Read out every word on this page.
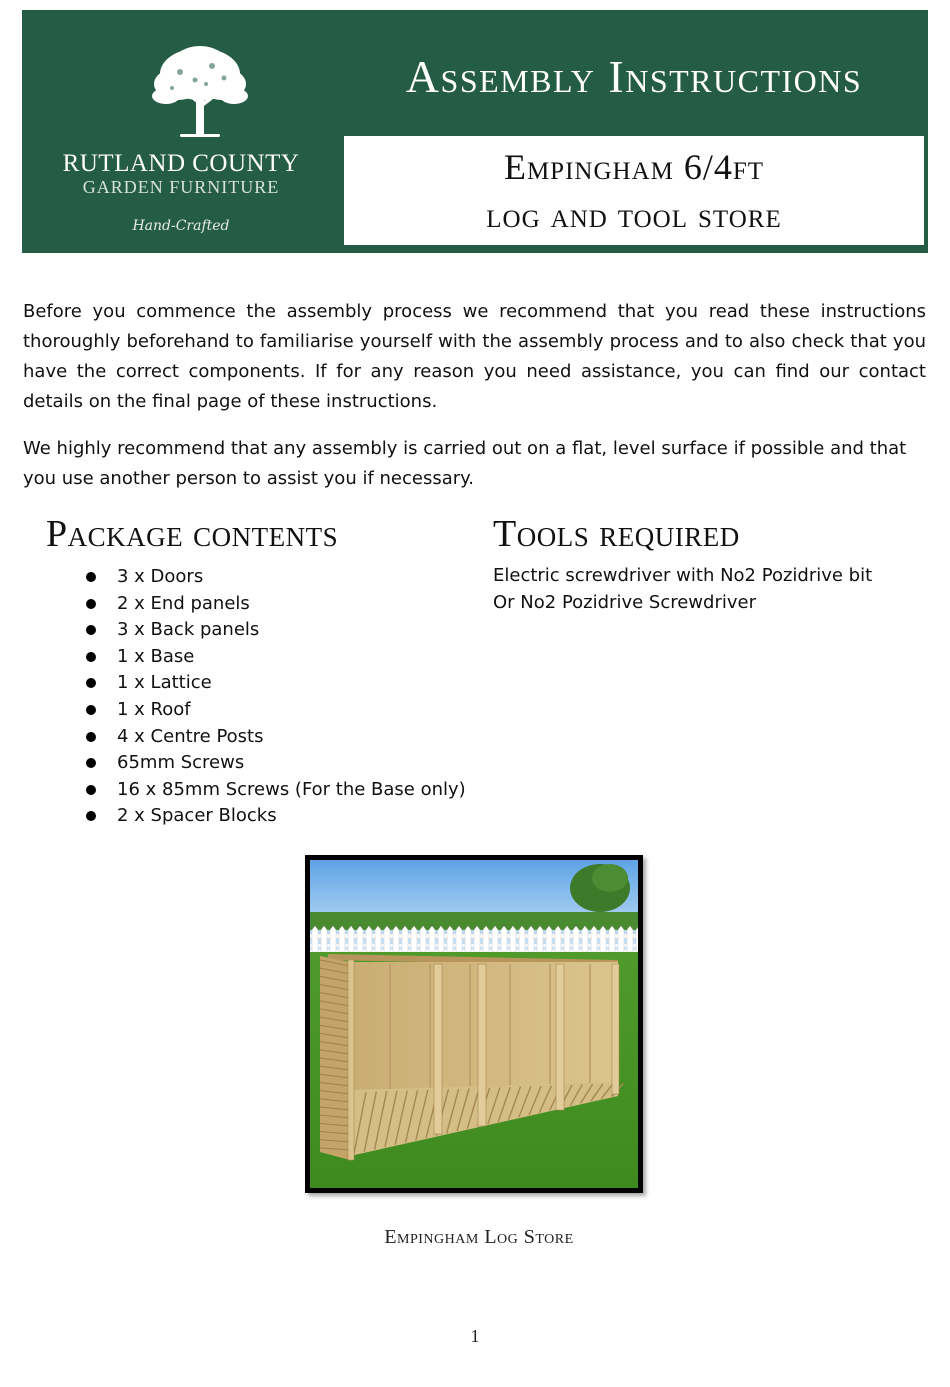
RUTLAND COUNTY
GARDEN FURNITURE
Hand-Crafted
Assembly Instructions
Empingham 6/4ft
log and tool store

Before you commence the assembly process we recommend that you read these instructions thoroughly beforehand to familiarise yourself with the assembly process and to also check that you have the correct components. If for any reason you need assistance, you can find our contact details on the final page of these instructions.

We highly recommend that any assembly is carried out on a flat, level surface if possible and that you use another person to assist you if necessary.

Package contents
3 x Doors
2 x End panels
3 x Back panels
1 x Base
1 x Lattice
1 x Roof
4 x Centre Posts
65mm Screws
16 x 85mm Screws (For the Base only)
2 x Spacer Blocks
Tools required
Electric screwdriver with No2 Pozidrive bit
Or No2 Pozidrive Screwdriver
Empingham Log Store
1
